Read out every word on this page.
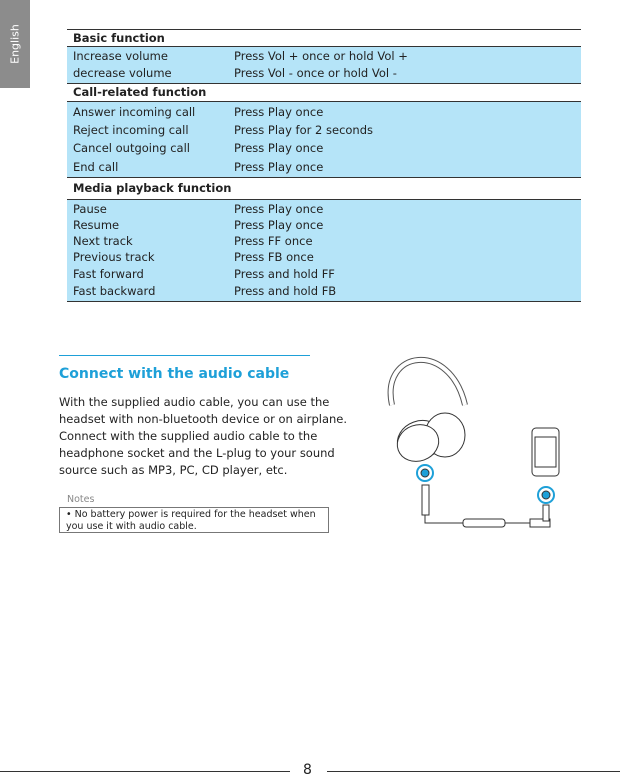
English	Basic function
Increase volume	Press Vol + once or hold Vol +
decrease volume	Press Vol - once or hold Vol -
Call-related function
Answer incoming call	Press Play once
Reject incoming call	Press Play for 2 seconds
Cancel outgoing call	Press Play once
End call	Press Play once
Media playback function
Pause	Press Play once
Resume	Press Play once
Next track	Press FF once
Previous track	Press FB once
Fast forward	Press and hold FF
Fast backward	Press and hold FB
Connect with the audio cable
With the supplied audio cable, you can use the headset with non-bluetooth device or on airplane. Connect with the supplied audio cable to the headphone socket and the L-plug to your sound source such as MP3, PC, CD player, etc.
Notes
• No battery power is required for the headset when you use it with audio cable.
8
